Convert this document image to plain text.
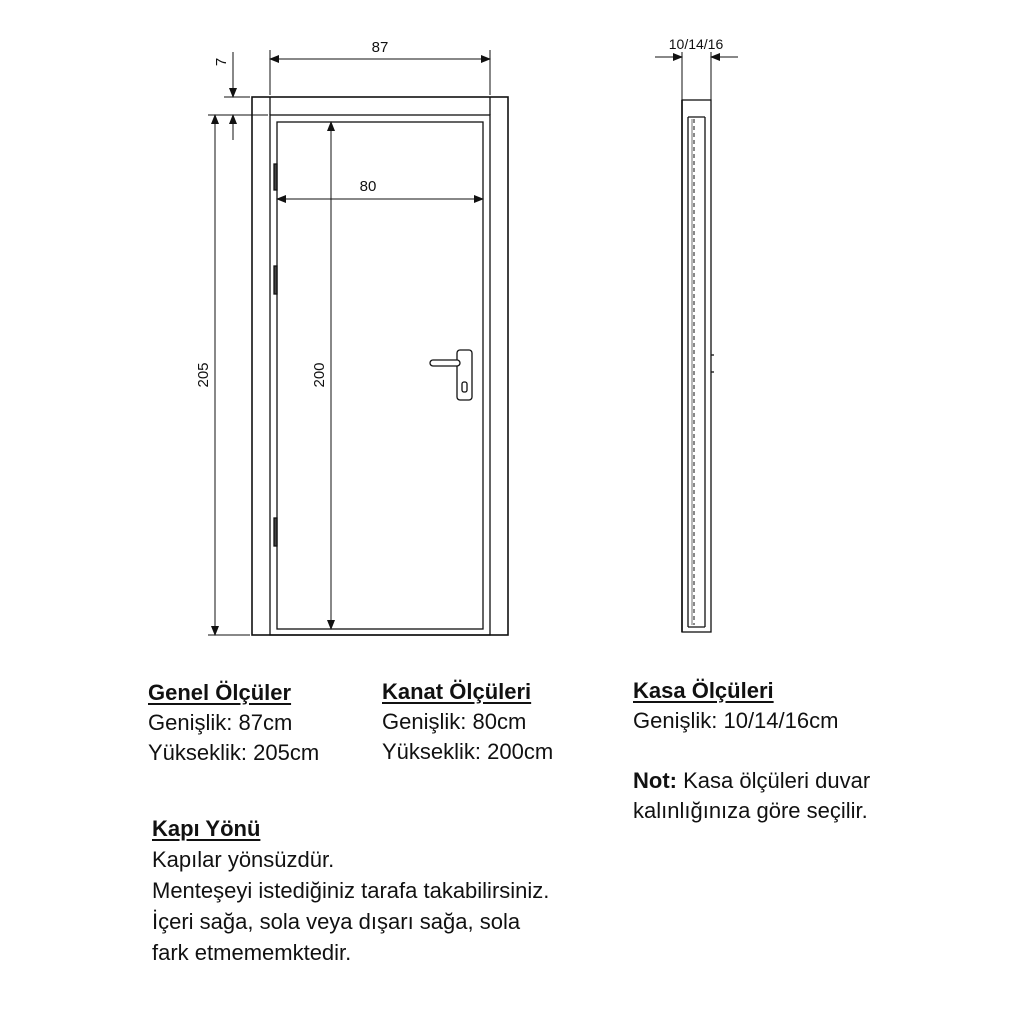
87
80
205	200
7
10/14/16
Genel Ölçüler
Genişlik: 87cm
Yükseklik: 205cm
Kanat Ölçüleri
Genişlik: 80cm
Yükseklik: 200cm
Kasa Ölçüleri
Genişlik: 10/14/16cm
Not: Kasa ölçüleri duvar
kalınlığınıza göre seçilir.
Kapı Yönü
Kapılar yönsüzdür.
Menteşeyi istediğiniz tarafa takabilirsiniz.
İçeri sağa, sola veya dışarı sağa, sola
fark etmememktedir.
